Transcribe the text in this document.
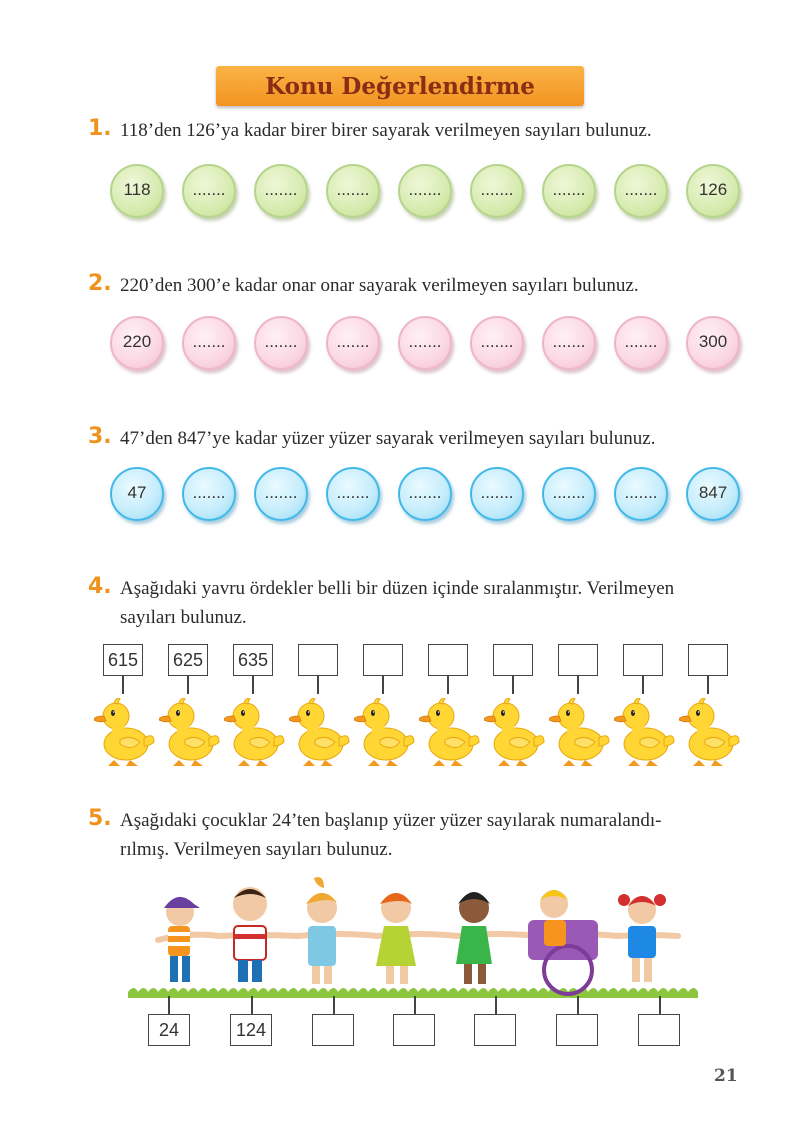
Konu Değerlendirme
1. 118’den 126’ya kadar birer birer sayarak verilmeyen sayıları bulunuz.
118 ....... ....... ....... ....... ....... ....... ....... 126
2. 220’den 300’e kadar onar onar sayarak verilmeyen sayıları bulunuz.
220 ....... ....... ....... ....... ....... ....... ....... 300
3. 47’den 847’ye kadar yüzer yüzer sayarak verilmeyen sayıları bulunuz.
47	....... ....... ....... ....... ....... ....... ....... 847
4. Aşağıdaki yavru ördekler belli bir düzen içinde sıralanmıştır. Verilmeyen
sayıları bulunuz.
615 625 635
5. Aşağıdaki çocuklar 24’ten başlanıp yüzer yüzer sayılarak numaralandı-
rılmış. Verilmeyen sayıları bulunuz.
24	124
21
